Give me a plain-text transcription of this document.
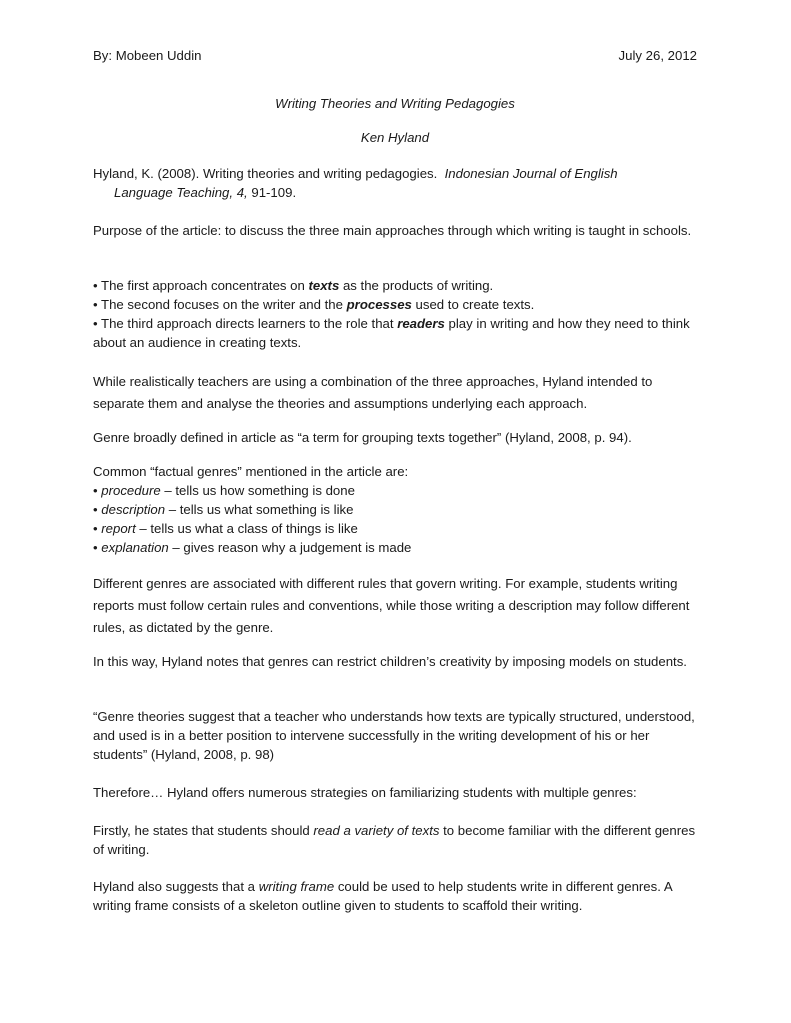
By: Mobeen Uddin	July 26, 2012
Writing Theories and Writing Pedagogies
Ken Hyland
Hyland, K. (2008). Writing theories and writing pedagogies. Indonesian Journal of English
Language Teaching, 4, 91-109.

Purpose of the article: to discuss the three main approaches through which writing is taught in schools.

• The first approach concentrates on texts as the products of writing.
• The second focuses on the writer and the processes used to create texts.
• The third approach directs learners to the role that readers play in writing and how they need to think about an audience in creating texts.

While realistically teachers are using a combination of the three approaches, Hyland intended to separate them and analyse the theories and assumptions underlying each approach.

Genre broadly defined in article as “a term for grouping texts together” (Hyland, 2008, p. 94).

Common “factual genres” mentioned in the article are:
• procedure – tells us how something is done
• description – tells us what something is like
• report – tells us what a class of things is like
• explanation – gives reason why a judgement is made

Different genres are associated with different rules that govern writing. For example, students writing reports must follow certain rules and conventions, while those writing a description may follow different rules, as dictated by the genre.

In this way, Hyland notes that genres can restrict children’s creativity by imposing models on students.

“Genre theories suggest that a teacher who understands how texts are typically structured, understood, and used is in a better position to intervene successfully in the writing development of his or her students” (Hyland, 2008, p. 98)

Therefore… Hyland offers numerous strategies on familiarizing students with multiple genres:

Firstly, he states that students should read a variety of texts to become familiar with the different genres of writing.

Hyland also suggests that a writing frame could be used to help students write in different genres. A writing frame consists of a skeleton outline given to students to scaffold their writing.
